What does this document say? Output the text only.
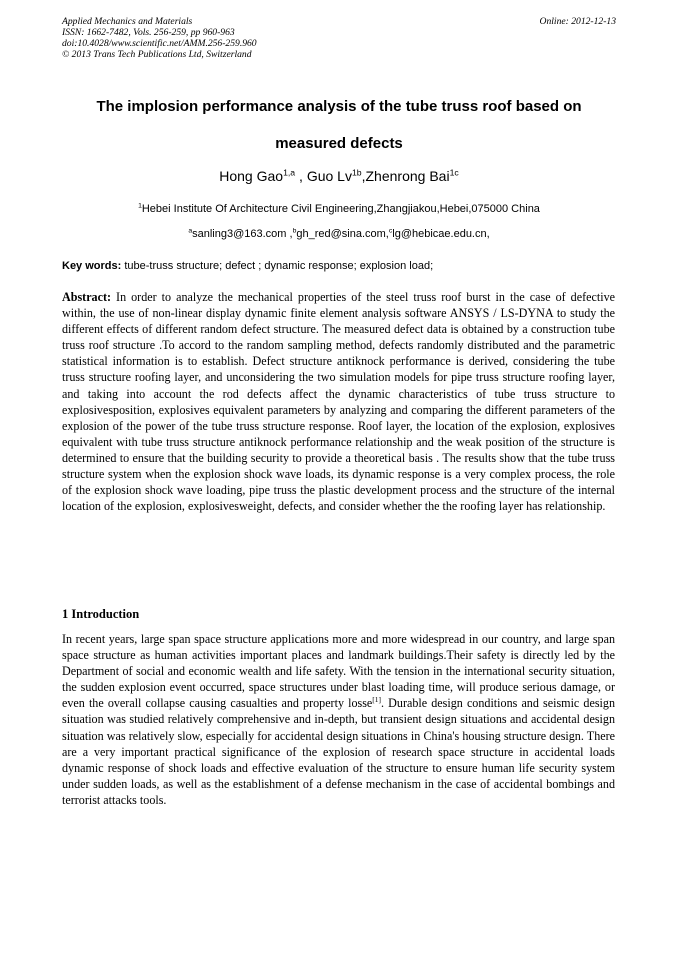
Applied Mechanics and Materials
ISSN: 1662-7482, Vols. 256-259, pp 960-963
doi:10.4028/www.scientific.net/AMM.256-259.960
© 2013 Trans Tech Publications Ltd, Switzerland
Online: 2012-12-13
The implosion performance analysis of the tube truss roof based on
measured defects
Hong Gao$^{1,a}$ , Guo $Lv^{1b},Zhenrong$ Bai$^{1c}$
$^1$Hebei Institute Of Architecture Civil Engineering,Zhangjiakou,Hebei,075000 China
$^a$sanling3@163.com ,$^b$gh_red@sina.com,$^c$lg@hebicae.edu.cn,
Key words: tube-truss structure; defect ; dynamic response; explosion load;
Abstract: In order to analyze the mechanical properties of the steel truss roof burst in the case of defective within, the use of non-linear display dynamic finite element analysis software ANSYS / LS-DYNA to study the different effects of different random defect structure. The measured defect data is obtained by a construction tube truss roof structure .To accord to the random sampling method, defects randomly distributed and the parametric statistical information is to establish. Defect structure antiknock performance is derived, considering the tube truss structure roofing layer, and unconsidering the two simulation models for pipe truss structure roofing layer, and taking into account the rod defects affect the dynamic characteristics of tube truss structure to explosivesposition, explosives equivalent parameters by analyzing and comparing the different parameters of the explosion of the power of the tube truss structure response. Roof layer, the location of the explosion, explosives equivalent with tube truss structure antiknock performance relationship and the weak position of the structure is determined to ensure that the building security to provide a theoretical basis . The results show that the tube truss structure system when the explosion shock wave loads, its dynamic response is a very complex process, the role of the explosion shock wave loading, pipe truss the plastic development process and the structure of the internal location of the explosion, explosivesweight, defects, and consider whether the the roofing layer has relationship.
1 Introduction
In recent years, large span space structure applications more and more widespread in our country, and large span space structure as human activities important places and landmark buildings.Their safety is directly led by the Department of social and economic wealth and life safety. With the tension in the international security situation, the sudden explosion event occurred, space structures under blast loading time, will produce serious damage, or even the overall collapse causing casualties and property losse[1]. Durable design conditions and seismic design situation was studied relatively comprehensive and in-depth, but transient design situations and accidental design situation was relatively slow, especially for accidental design situations in China's housing structure design. There are a very important practical significance of the explosion of research space structure in accidental loads dynamic response of shock loads and effective evaluation of the structure to ensure human life security system under sudden loads, as well as the establishment of a defense mechanism in the case of accidental bombings and terrorist attacks tools.
